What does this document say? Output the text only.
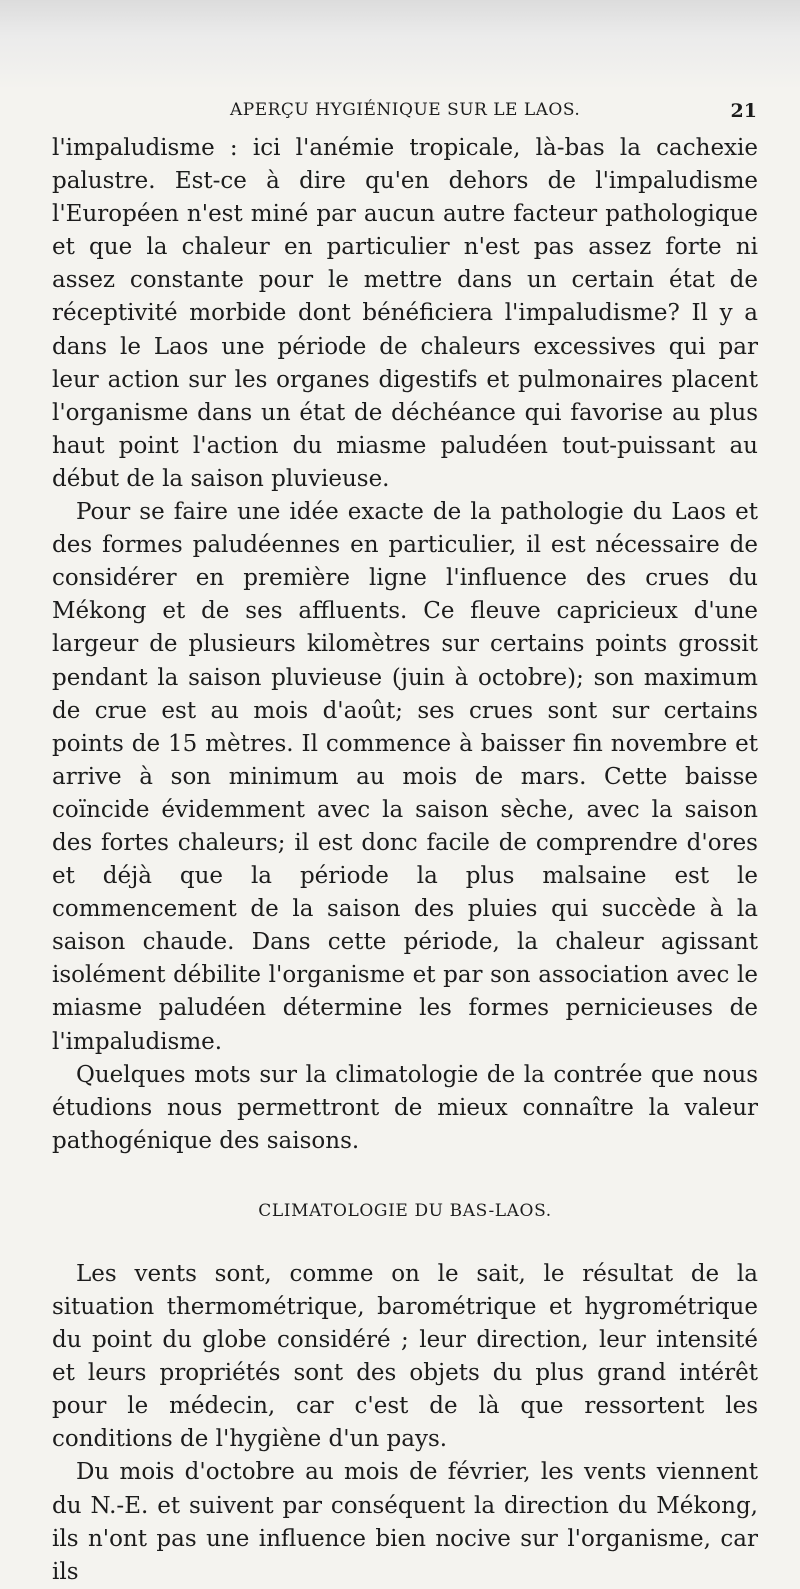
APERÇU HYGIÉNIQUE SUR LE LAOS.	21

l'impaludisme : ici l'anémie tropicale, là-bas la cachexie palustre. Est-ce à dire qu'en dehors de l'impaludisme l'Européen n'est miné par aucun autre facteur pathologique et que la chaleur en particulier n'est pas assez forte ni assez constante pour le mettre dans un certain état de réceptivité morbide dont bénéficiera l'impaludisme? Il y a dans le Laos une période de chaleurs excessives qui par leur action sur les organes digestifs et pulmonaires placent l'organisme dans un état de déchéance qui favorise au plus haut point l'action du miasme paludéen tout-puissant au début de la saison pluvieuse.

Pour se faire une idée exacte de la pathologie du Laos et des formes paludéennes en particulier, il est nécessaire de considérer en première ligne l'influence des crues du Mékong et de ses affluents. Ce fleuve capricieux d'une largeur de plusieurs kilomètres sur certains points grossit pendant la saison pluvieuse (juin à octobre); son maximum de crue est au mois d'août; ses crues sont sur certains points de 15 mètres. Il commence à baisser fin novembre et arrive à son minimum au mois de mars. Cette baisse coïncide évidemment avec la saison sèche, avec la saison des fortes chaleurs; il est donc facile de comprendre d'ores et déjà que la période la plus malsaine est le commencement de la saison des pluies qui succède à la saison chaude. Dans cette période, la chaleur agissant isolément débilite l'organisme et par son association avec le miasme paludéen détermine les formes pernicieuses de l'impaludisme.

Quelques mots sur la climatologie de la contrée que nous étudions nous permettront de mieux connaître la valeur pathogénique des saisons.

CLIMATOLOGIE DU BAS-LAOS.

Les vents sont, comme on le sait, le résultat de la situation thermométrique, barométrique et hygrométrique du point du globe considéré ; leur direction, leur intensité et leurs propriétés sont des objets du plus grand intérêt pour le médecin, car c'est de là que ressortent les conditions de l'hygiène d'un pays.

Du mois d'octobre au mois de février, les vents viennent du N.-E. et suivent par conséquent la direction du Mékong, ils n'ont pas une influence bien nocive sur l'organisme, car ils
